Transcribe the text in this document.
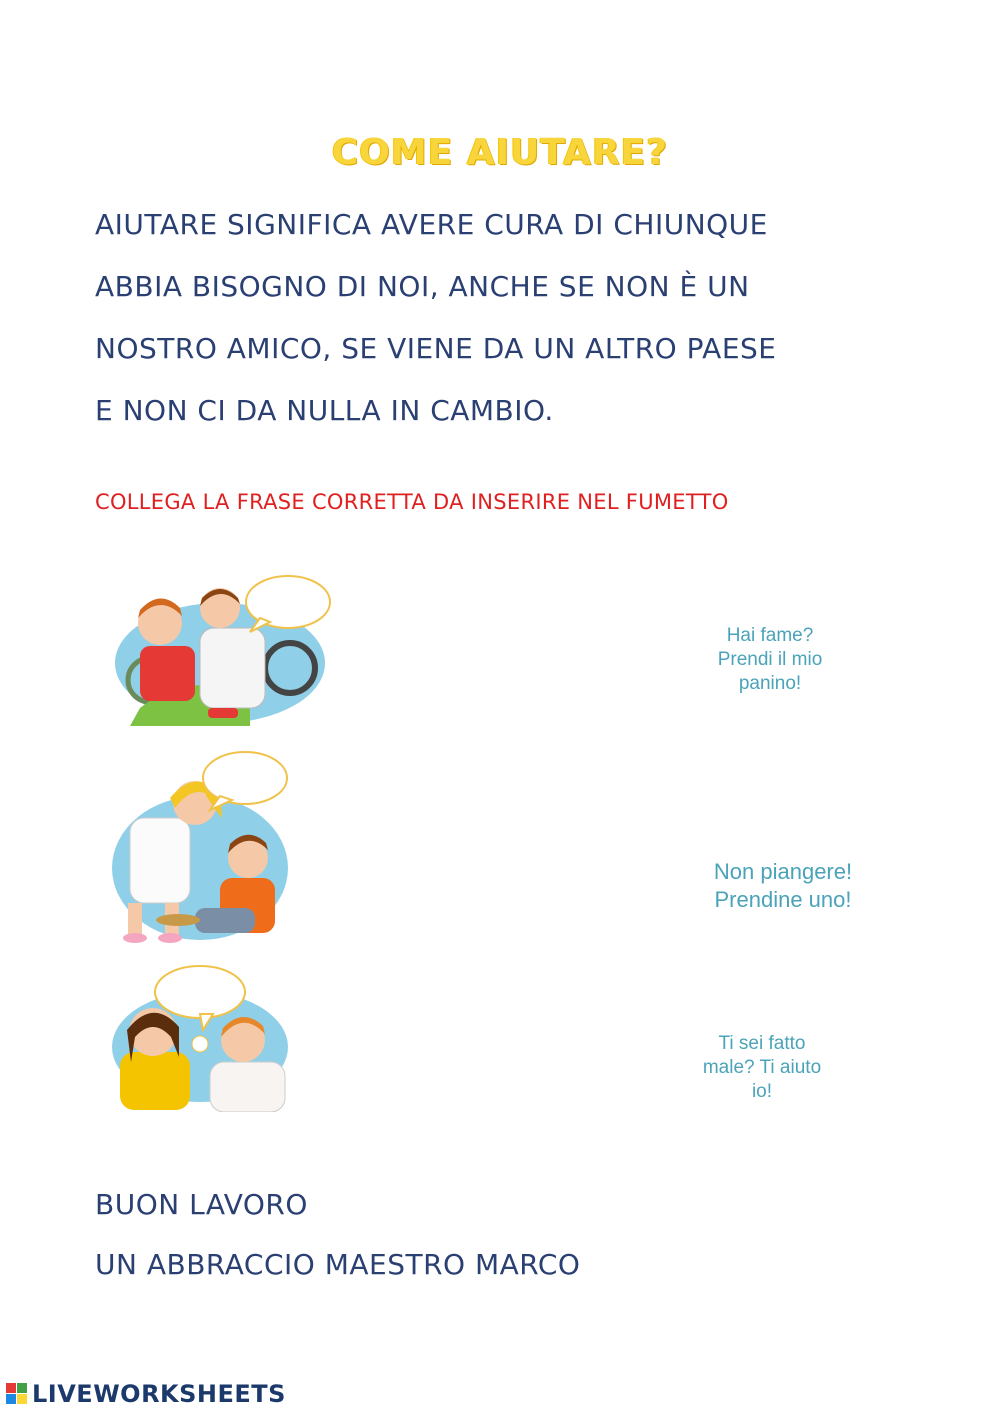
COME AIUTARE?
AIUTARE SIGNIFICA AVERE CURA DI CHIUNQUE
ABBIA BISOGNO DI NOI, ANCHE SE NON È UN
NOSTRO AMICO, SE VIENE DA UN ALTRO PAESE
E NON CI DA NULLA IN CAMBIO.
COLLEGA LA FRASE CORRETTA DA INSERIRE NEL FUMETTO
Hai fame?
Prendi il mio
panino!
Non piangere!
Prendine uno!
Ti sei fatto
male? Ti aiuto
io!
BUON LAVORO
UN ABBRACCIO MAESTRO MARCO
LIVEWORKSHEETS
